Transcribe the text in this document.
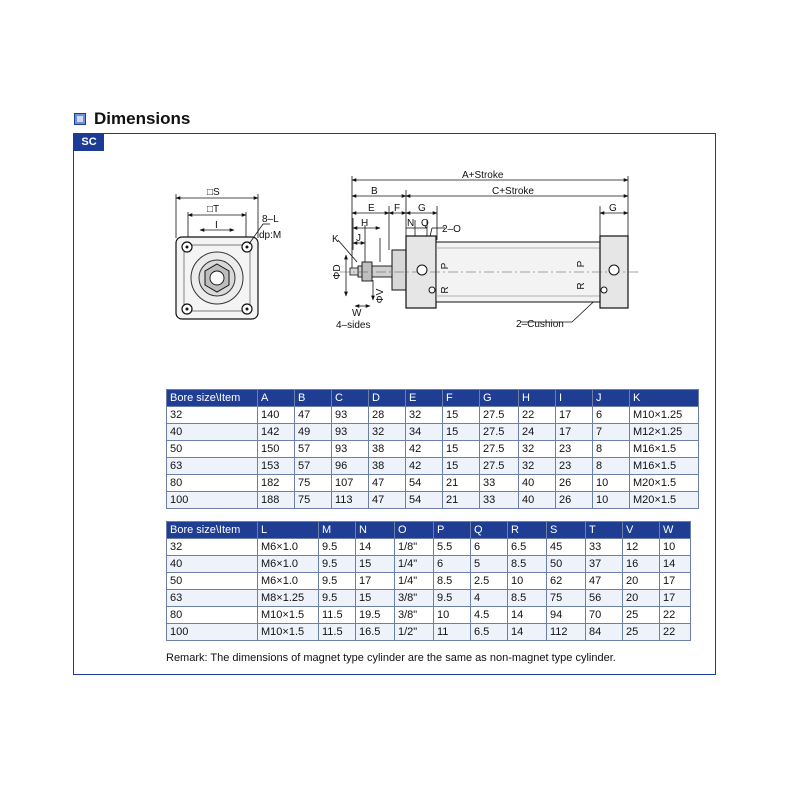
Dimensions
SC
□S
□T
I
8–L
dp:M
A+Stroke
C+Stroke
B
E F G
N Q
2–O
H
J
K
ΦD
ΦV
W
4–sides
P
R
P
R
G
2–Cushion
Bore size\Item	A	B	C	D	E	F	G	H	I	J	K
32	140	47	93	28	32	15	27.5	22	17	6	M10×1.25
40	142	49	93	32	34	15	27.5	24	17	7	M12×1.25
50	150	57	93	38	42	15	27.5	32	23	8	M16×1.5
63	153	57	96	38	42	15	27.5	32	23	8	M16×1.5
80	182	75	107	47	54	21	33	40	26	10	M20×1.5
100	188	75	113	47	54	21	33	40	26	10	M20×1.5
Bore size\Item	L	M	N	O	P	Q	R	S	T	V	W
32	M6×1.0	9.5	14	1/8"	5.5	6	6.5	45	33	12	10
40	M6×1.0	9.5	15	1/4"	6	5	8.5	50	37	16	14
50	M6×1.0	9.5	17	1/4"	8.5	2.5	10	62	47	20	17
63	M8×1.25	9.5	15	3/8"	9.5	4	8.5	75	56	20	17
80	M10×1.5	11.5	19.5	3/8"	10	4.5	14	94	70	25	22
100	M10×1.5	11.5	16.5	1/2"	11	6.5	14	112	84	25	22
Remark: The dimensions of magnet type cylinder are the same as non-magnet type cylinder.
